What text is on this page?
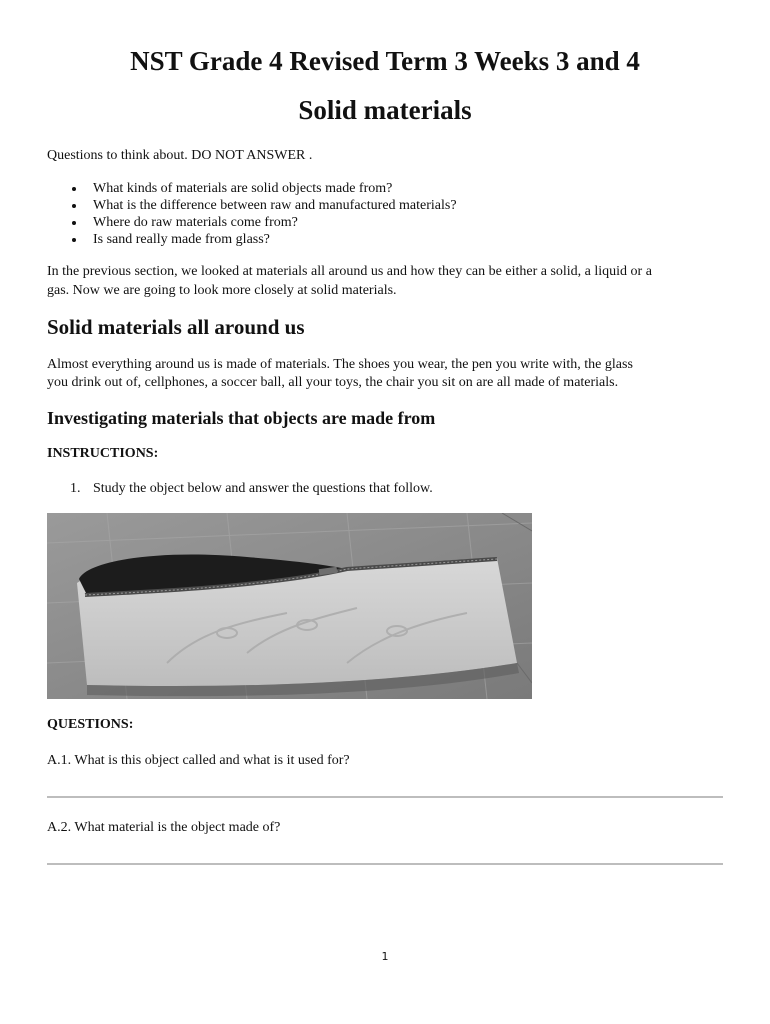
NST Grade 4 Revised Term 3 Weeks 3 and 4
Solid materials

Questions to think about. DO NOT ANSWER .

What kinds of materials are solid objects made from?
What is the difference between raw and manufactured materials?
Where do raw materials come from?
Is sand really made from glass?

In the previous section, we looked at materials all around us and how they can be either a solid, a liquid or a

gas. Now we are going to look more closely at solid materials.

Solid materials all around us

Almost everything around us is made of materials. The shoes you wear, the pen you write with, the glass

you drink out of, cellphones, a soccer ball, all your toys, the chair you sit on are all made of materials.

Investigating materials that objects are made from

INSTRUCTIONS:

1. Study the object below and answer the questions that follow.

QUESTIONS:

A.1. What is this object called and what is it used for?

A.2. What material is the object made of?

1
